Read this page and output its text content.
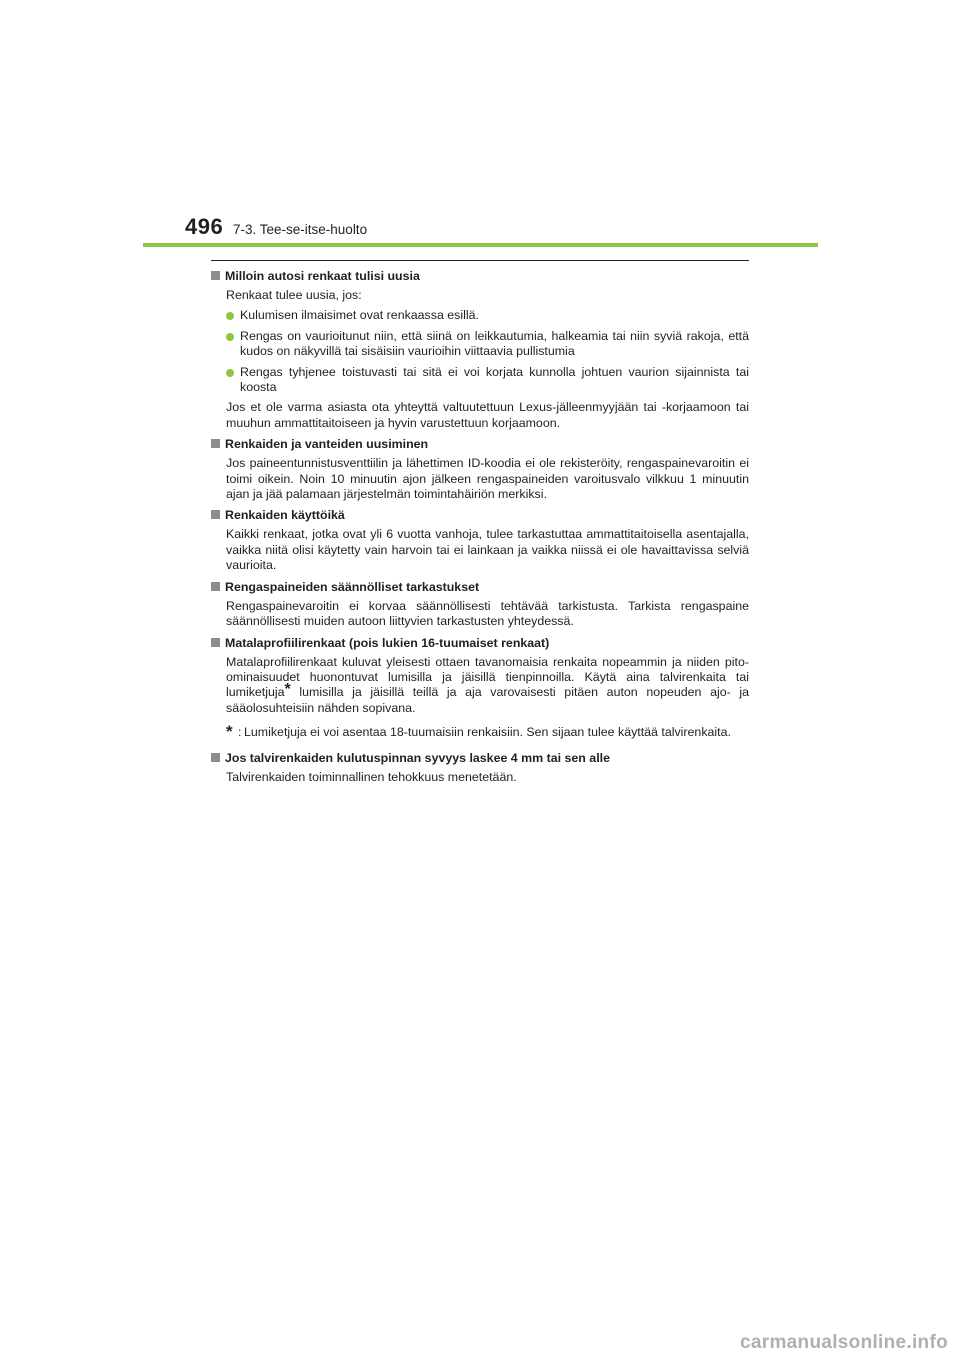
496 7-3. Tee-se-itse-huolto
Milloin autosi renkaat tulisi uusia
Renkaat tulee uusia, jos:
Kulumisen ilmaisimet ovat renkaassa esillä.
Rengas on vaurioitunut niin, että siinä on leikkautumia, halkeamia tai niin syviä rakoja, että kudos on näkyvillä tai sisäisiin vaurioihin viittaavia pullistumia
Rengas tyhjenee toistuvasti tai sitä ei voi korjata kunnolla johtuen vaurion sijainnista tai koosta
Jos et ole varma asiasta ota yhteyttä valtuutettuun Lexus-jälleenmyyjään tai -korjaamoon tai muuhun ammattitaitoiseen ja hyvin varustettuun korjaamoon.
Renkaiden ja vanteiden uusiminen
Jos paineentunnistusventtiilin ja lähettimen ID-koodia ei ole rekisteröity, rengaspainevaroitin ei toimi oikein. Noin 10 minuutin ajon jälkeen rengaspaineiden varoitusvalo vilkkuu 1 minuutin ajan ja jää palamaan järjestelmän toimintahäiriön merkiksi.
Renkaiden käyttöikä
Kaikki renkaat, jotka ovat yli 6 vuotta vanhoja, tulee tarkastuttaa ammattitaitoisella asentajalla, vaikka niitä olisi käytetty vain harvoin tai ei lainkaan ja vaikka niissä ei ole havaittavissa selviä vaurioita.
Rengaspaineiden säännölliset tarkastukset
Rengaspainevaroitin ei korvaa säännöllisesti tehtävää tarkistusta. Tarkista rengaspaine säännöllisesti muiden autoon liittyvien tarkastusten yhteydessä.
Matalaprofiilirenkaat (pois lukien 16-tuumaiset renkaat)
Matalaprofiilirenkaat kuluvat yleisesti ottaen tavanomaisia renkaita nopeammin ja niiden pito-ominaisuudet huonontuvat lumisilla ja jäisillä tienpinnoilla. Käytä aina talvirenkaita tai lumiketjuja* lumisilla ja jäisillä teillä ja aja varovaisesti pitäen auton nopeuden ajo- ja sääolosuhteisiin nähden sopivana.
* : Lumiketjuja ei voi asentaa 18-tuumaisiin renkaisiin. Sen sijaan tulee käyttää talvirenkaita.
Jos talvirenkaiden kulutuspinnan syvyys laskee 4 mm tai sen alle
Talvirenkaiden toiminnallinen tehokkuus menetetään.
carmanualsonline.info
